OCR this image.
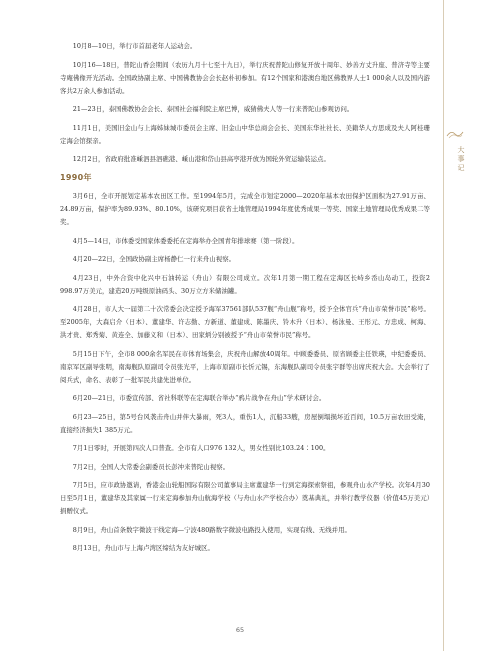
10月8—10日，举行市首届老年人运动会。

10月16—18日，普陀山香会期间（农历九月十七至十九日），举行庆祝普陀山修复开放十周年、妙善方丈升座、普济寺等主要寺庵佛像开光活动。全国政协副主席、中国佛教协会会长赵朴初参加。有12个国家和港澳台地区佛教界人士1 000余人以及国内游客共2万余人参加活动。

21—23日，泰国佛教协会会长、泰国社会福利院主席巴博，威猜佛夫人等一行来普陀山参观访问。

11月1日，美国旧金山与上海姊妹城市委员会主席、旧金山中华总商会会长、美国东华社社长、美籍华人方思成及夫人阿桂珊定海会馆探亲。

12月2日，省政府批准嵊泗县泗礁港、嵊山港和岱山县高亭港开放为国轮外贸运输装运点。

1990年

3月6日，全市开展划定基本农田区工作。至1994年5月，完成全市划定2000—2020年基本农田保护区面积为27.91万亩、24.89万亩，保护率为89.93%、80.10%，该研究项目获省土地管理局1994年度优秀成果一等奖、国家土地管理局优秀成果二等奖。

4月5—14日，市体委受国家体委委托在定海举办全国青年排球赛（第一阶段）。

4月20—22日，全国政协副主席杨静仁一行来舟山视察。

4月23日，中外合资中化兴中石油转运（舟山）有限公司成立。次年1月第一期工程在定海区长峙乡岙山岛动工，投资2 998.97万美元，建造20万吨级原油码头、30万立方米储油罐。

4月28日，市人大一届第二十次常委会决定授予海军37561部队537舰“舟山舰”称号，授予全体官兵“舟山市荣誉市民”称号。至2005年，大森启介（日本）、董建华、许志勤、方新道、董建成、陈墨庆、铃木升（日本）、杨泳曼、王彤元、方忠成、柯海、洪才贵、郑秀菊、黄连全、加藤义和（日本）、田家炳分别被授予“舟山市荣誉市民”称号。

5月15日下午，全市8 000余名军民在市体育场集会，庆祝舟山解放40周年。中顾委委员、原省顾委主任铁瑛，中纪委委员、南京军区副导张明，南海舰队原副司令员张光平，上海市原副市长忻元锡，东海舰队副司令员张宇群等出席庆祝大会。大会举行了阅兵式，命名、表彰了一批军民共建先进单位。

6月20—21日，市委宣传部、省社科联等在定海联合举办“鸦片战争在舟山”学术研讨会。

6月23—25日，第5号台风袭击舟山并伴大暴雨，死3人，重伤1人，沉船33艘，房屋倒塌损坏近百间，10.5万亩农田受淹，直接经济损失1 385万元。

7月1日零时，开展第四次人口普查。全市有人口976 132人，男女性别比103.24∶100。

7月2日，全国人大常委会副委员长彭冲来普陀山视察。

7月5日，应市政协邀请，香港金山轮船国际有限公司董事局主席董建华一行到定海探索祭祖，参观舟山水产学校。次年4月30日至5月1日，董建华及其家属一行来定海参加舟山航海学校（与舟山水产学校合办）奠基典礼，并举行教学仪器（价值45万美元）捐赠仪式。

8月9日，舟山首条数字微波干线定海—宁波480路数字微波电路投入使用，实现有线、无线并用。

8月13日，舟山市与上海卢湾区缔结为友好城区。

大事记
65
